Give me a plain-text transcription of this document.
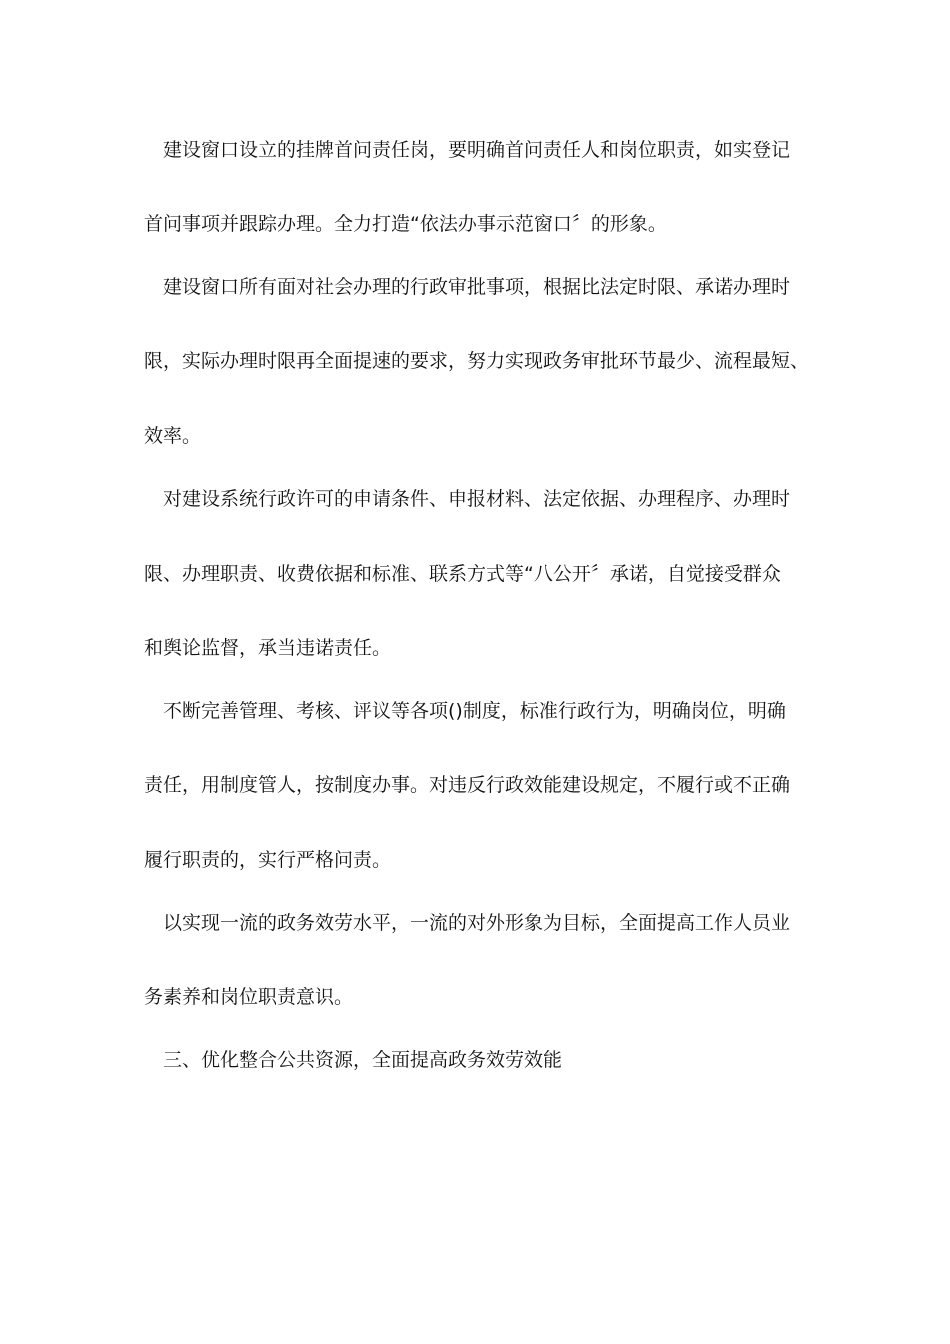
建设窗口设立的挂牌首问责任岗，要明确首问责任人和岗位职责，如实登记
首问事项并跟踪办理。全力打造“依法办事示范窗口〞的形象。
建设窗口所有面对社会办理的行政审批事项，根据比法定时限、承诺办理时
限，实际办理时限再全面提速的要求，努力实现政务审批环节最少、流程最短、
效率。
对建设系统行政许可的申请条件、申报材料、法定依据、办理程序、办理时
限、办理职责、收费依据和标准、联系方式等“八公开〞承诺，自觉接受群众
和舆论监督，承当违诺责任。
不断完善管理、考核、评议等各项()制度，标准行政行为，明确岗位，明确
责任，用制度管人，按制度办事。对违反行政效能建设规定，不履行或不正确
履行职责的，实行严格问责。
以实现一流的政务效劳水平，一流的对外形象为目标，全面提高工作人员业
务素养和岗位职责意识。
三、优化整合公共资源，全面提高政务效劳效能
